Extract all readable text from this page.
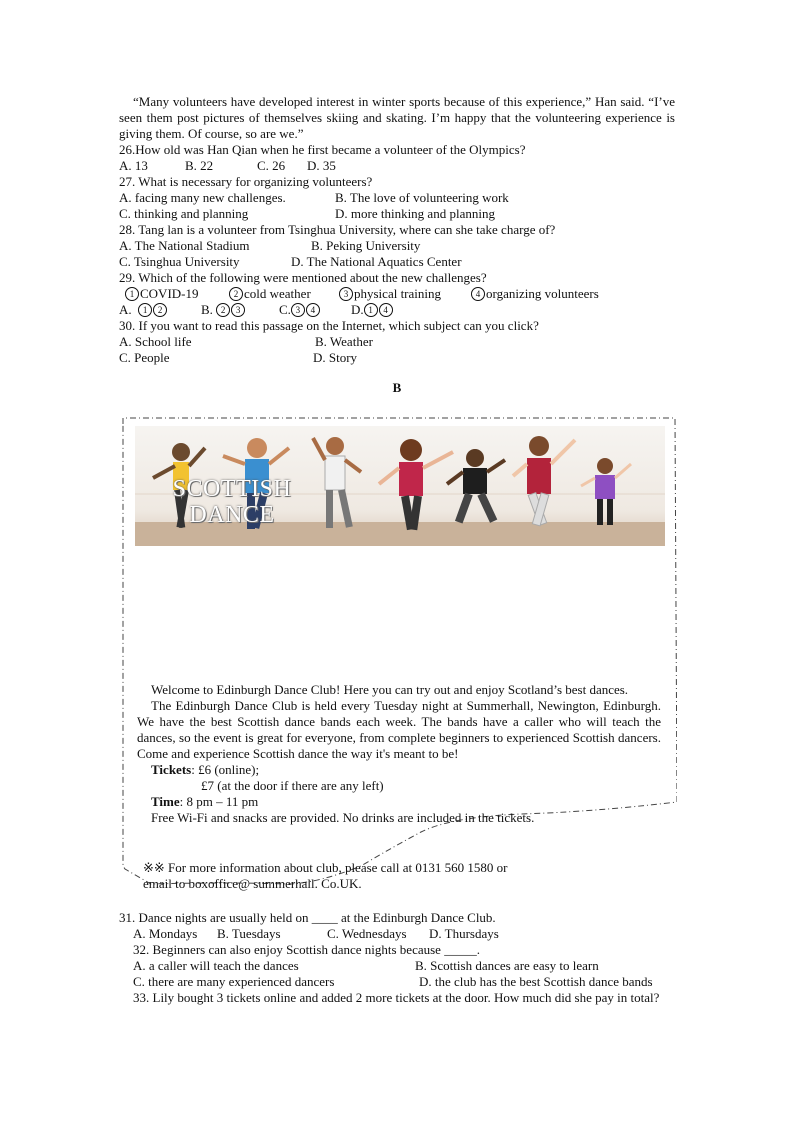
“Many volunteers have developed interest in winter sports because of this experience,” Han said. “I’ve seen them post pictures of themselves skiing and skating. I’m happy that the volunteering experience is giving them. Of course, so are we.”

26.How old was Han Qian when he first became a volunteer of the Olympics?

A. 13	B. 22	C. 26	D. 35

27. What is necessary for organizing volunteers?

A. facing many new challenges.	B. The love of volunteering work
C. thinking and planning	D. more thinking and planning

28. Tang lan is a volunteer from Tsinghua University, where can she take charge of?

A. The National Stadium	B. Peking University
C. Tsinghua University	D. The National Aquatics Center

29. Which of the following were mentioned about the new challenges?

1 COVID-19	2 cold weather	3 physical training	4 organizing volunteers
A. 1 2	B. 2 3	C. 3 4	D. 1 4

30. If you want to read this passage on the Internet, which subject can you click?

A. School life	B. Weather
C. People	D. Story

B

SCOTTISH
DANCE

Welcome to Edinburgh Dance Club! Here you can try out and enjoy Scotland’s best dances.

The Edinburgh Dance Club is held every Tuesday night at Summerhall, Newington, Edinburgh. We have the best Scottish dance bands each week. The bands have a caller who will teach the dances, so the event is great for everyone, from complete beginners to experienced Scottish dancers. Come and experience Scottish dance the way it's meant to be!

Tickets: £6 (online);
£7 (at the door if there are any left)
Time: 8 pm – 11 pm
Free Wi-Fi and snacks are provided. No drinks are included in the tickets.
※※ For more information about club, please call at 0131 560 1580 or
email to boxoffice@ summerhall. Co.UK.

31. Dance nights are usually held on ____ at the Edinburgh Dance Club.

A. Mondays	B. Tuesdays	C. Wednesdays	D. Thursdays

32. Beginners can also enjoy Scottish dance nights because _____.

A. a caller will teach the dances	B. Scottish dances are easy to learn
C. there are many experienced dancers	D. the club has the best Scottish dance bands

33. Lily bought 3 tickets online and added 2 more tickets at the door. How much did she pay in total?
